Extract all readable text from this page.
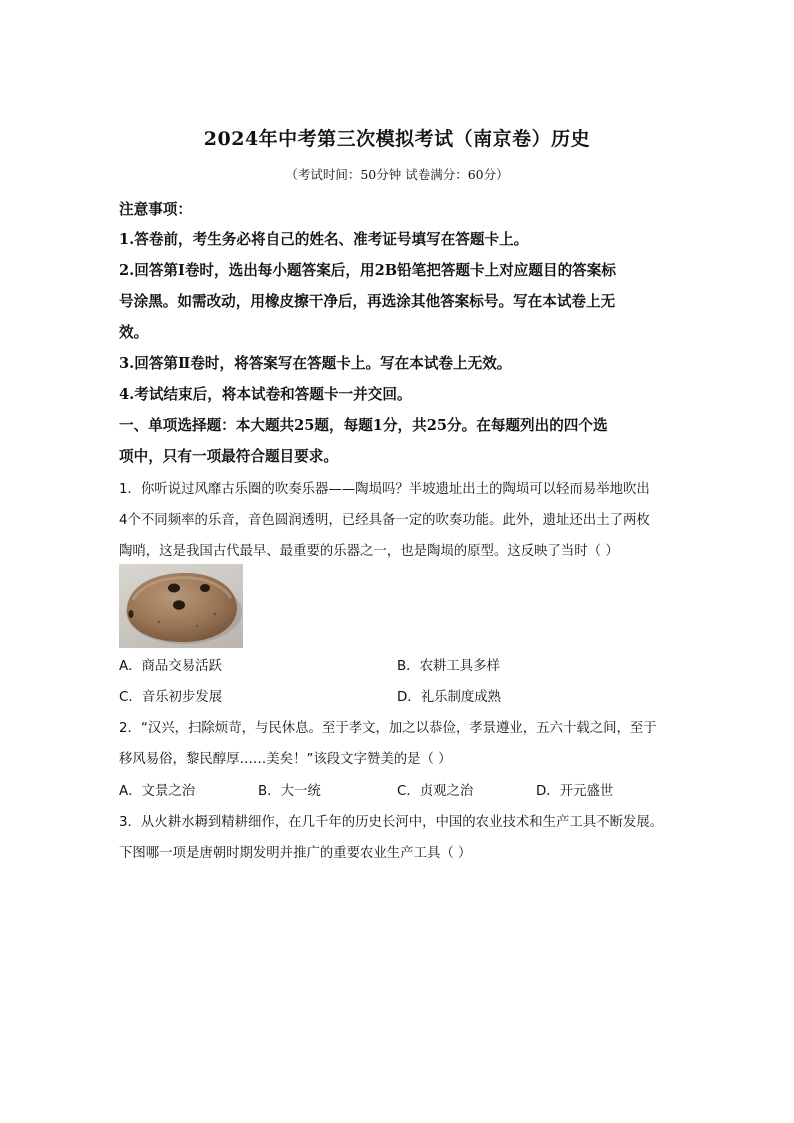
2024年中考第三次模拟考试（南京卷）历史
（考试时间：50分钟 试卷满分：60分）
注意事项：
1.答卷前，考生务必将自己的姓名、准考证号填写在答题卡上。
2.回答第Ⅰ卷时，选出每小题答案后，用2B铅笔把答题卡上对应题目的答案标
号涂黑。如需改动，用橡皮擦干净后，再选涂其他答案标号。写在本试卷上无
效。
3.回答第Ⅱ卷时，将答案写在答题卡上。写在本试卷上无效。
4.考试结束后，将本试卷和答题卡一并交回。
一、单项选择题：本大题共25题，每题1分，共25分。在每题列出的四个选
项中，只有一项最符合题目要求。
1．你听说过风靡古乐圈的吹奏乐器——陶埙吗？半坡遗址出土的陶埙可以轻而易举地吹出
4个不同频率的乐音，音色圆润透明，已经具备一定的吹奏功能。此外，遗址还出土了两枚
陶哨，这是我国古代最早、最重要的乐器之一，也是陶埙的原型。这反映了当时（ ）
A．商品交易活跃	B．农耕工具多样
C．音乐初步发展	D．礼乐制度成熟
2．“汉兴，扫除烦苛，与民休息。至于孝文，加之以恭俭，孝景遵业，五六十载之间，至于
移风易俗，黎民醇厚……美矣！”该段文字赞美的是（ ）
A．文景之治	B．大一统	C．贞观之治	D．开元盛世
3．从火耕水耨到精耕细作，在几千年的历史长河中，中国的农业技术和生产工具不断发展。
下图哪一项是唐朝时期发明并推广的重要农业生产工具（ ）
